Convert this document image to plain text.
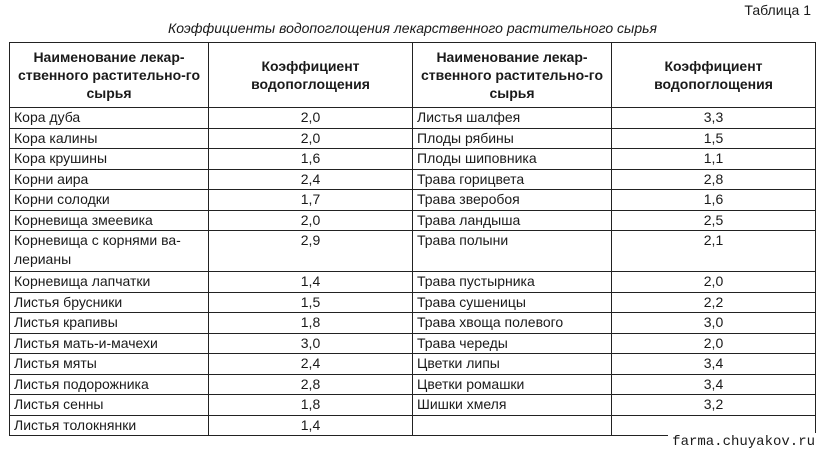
Таблица 1
Коэффициенты водопоглощения лекарственного растительного сырья
Наименование лекар-ственного растительно-го сырья	Коэффициент водопоглощения	Наименование лекар-ственного растительно-го сырья	Коэффициент водопоглощения
Кора дуба	2,0	Листья шалфея	3,3
Кора калины	2,0	Плоды рябины	1,5
Кора крушины	1,6	Плоды шиповника	1,1
Корни аира	2,4	Трава горицвета	2,8
Корни солодки	1,7	Трава зверобоя	1,6
Корневища змеевика	2,0	Трава ландыша	2,5
Корневища с корнями ва-лерианы	2,9	Трава полыни	2,1
Корневища лапчатки	1,4	Трава пустырника	2,0
Листья брусники	1,5	Трава сушеницы	2,2
Листья крапивы	1,8	Трава хвоща полевого	3,0
Листья мать-и-мачехи	3,0	Трава череды	2,0
Листья мяты	2,4	Цветки липы	3,4
Листья подорожника	2,8	Цветки ромашки	3,4
Листья сенны	1,8	Шишки хмеля	3,2
Листья толокнянки	1,4		
farma.chuyakov.ru
